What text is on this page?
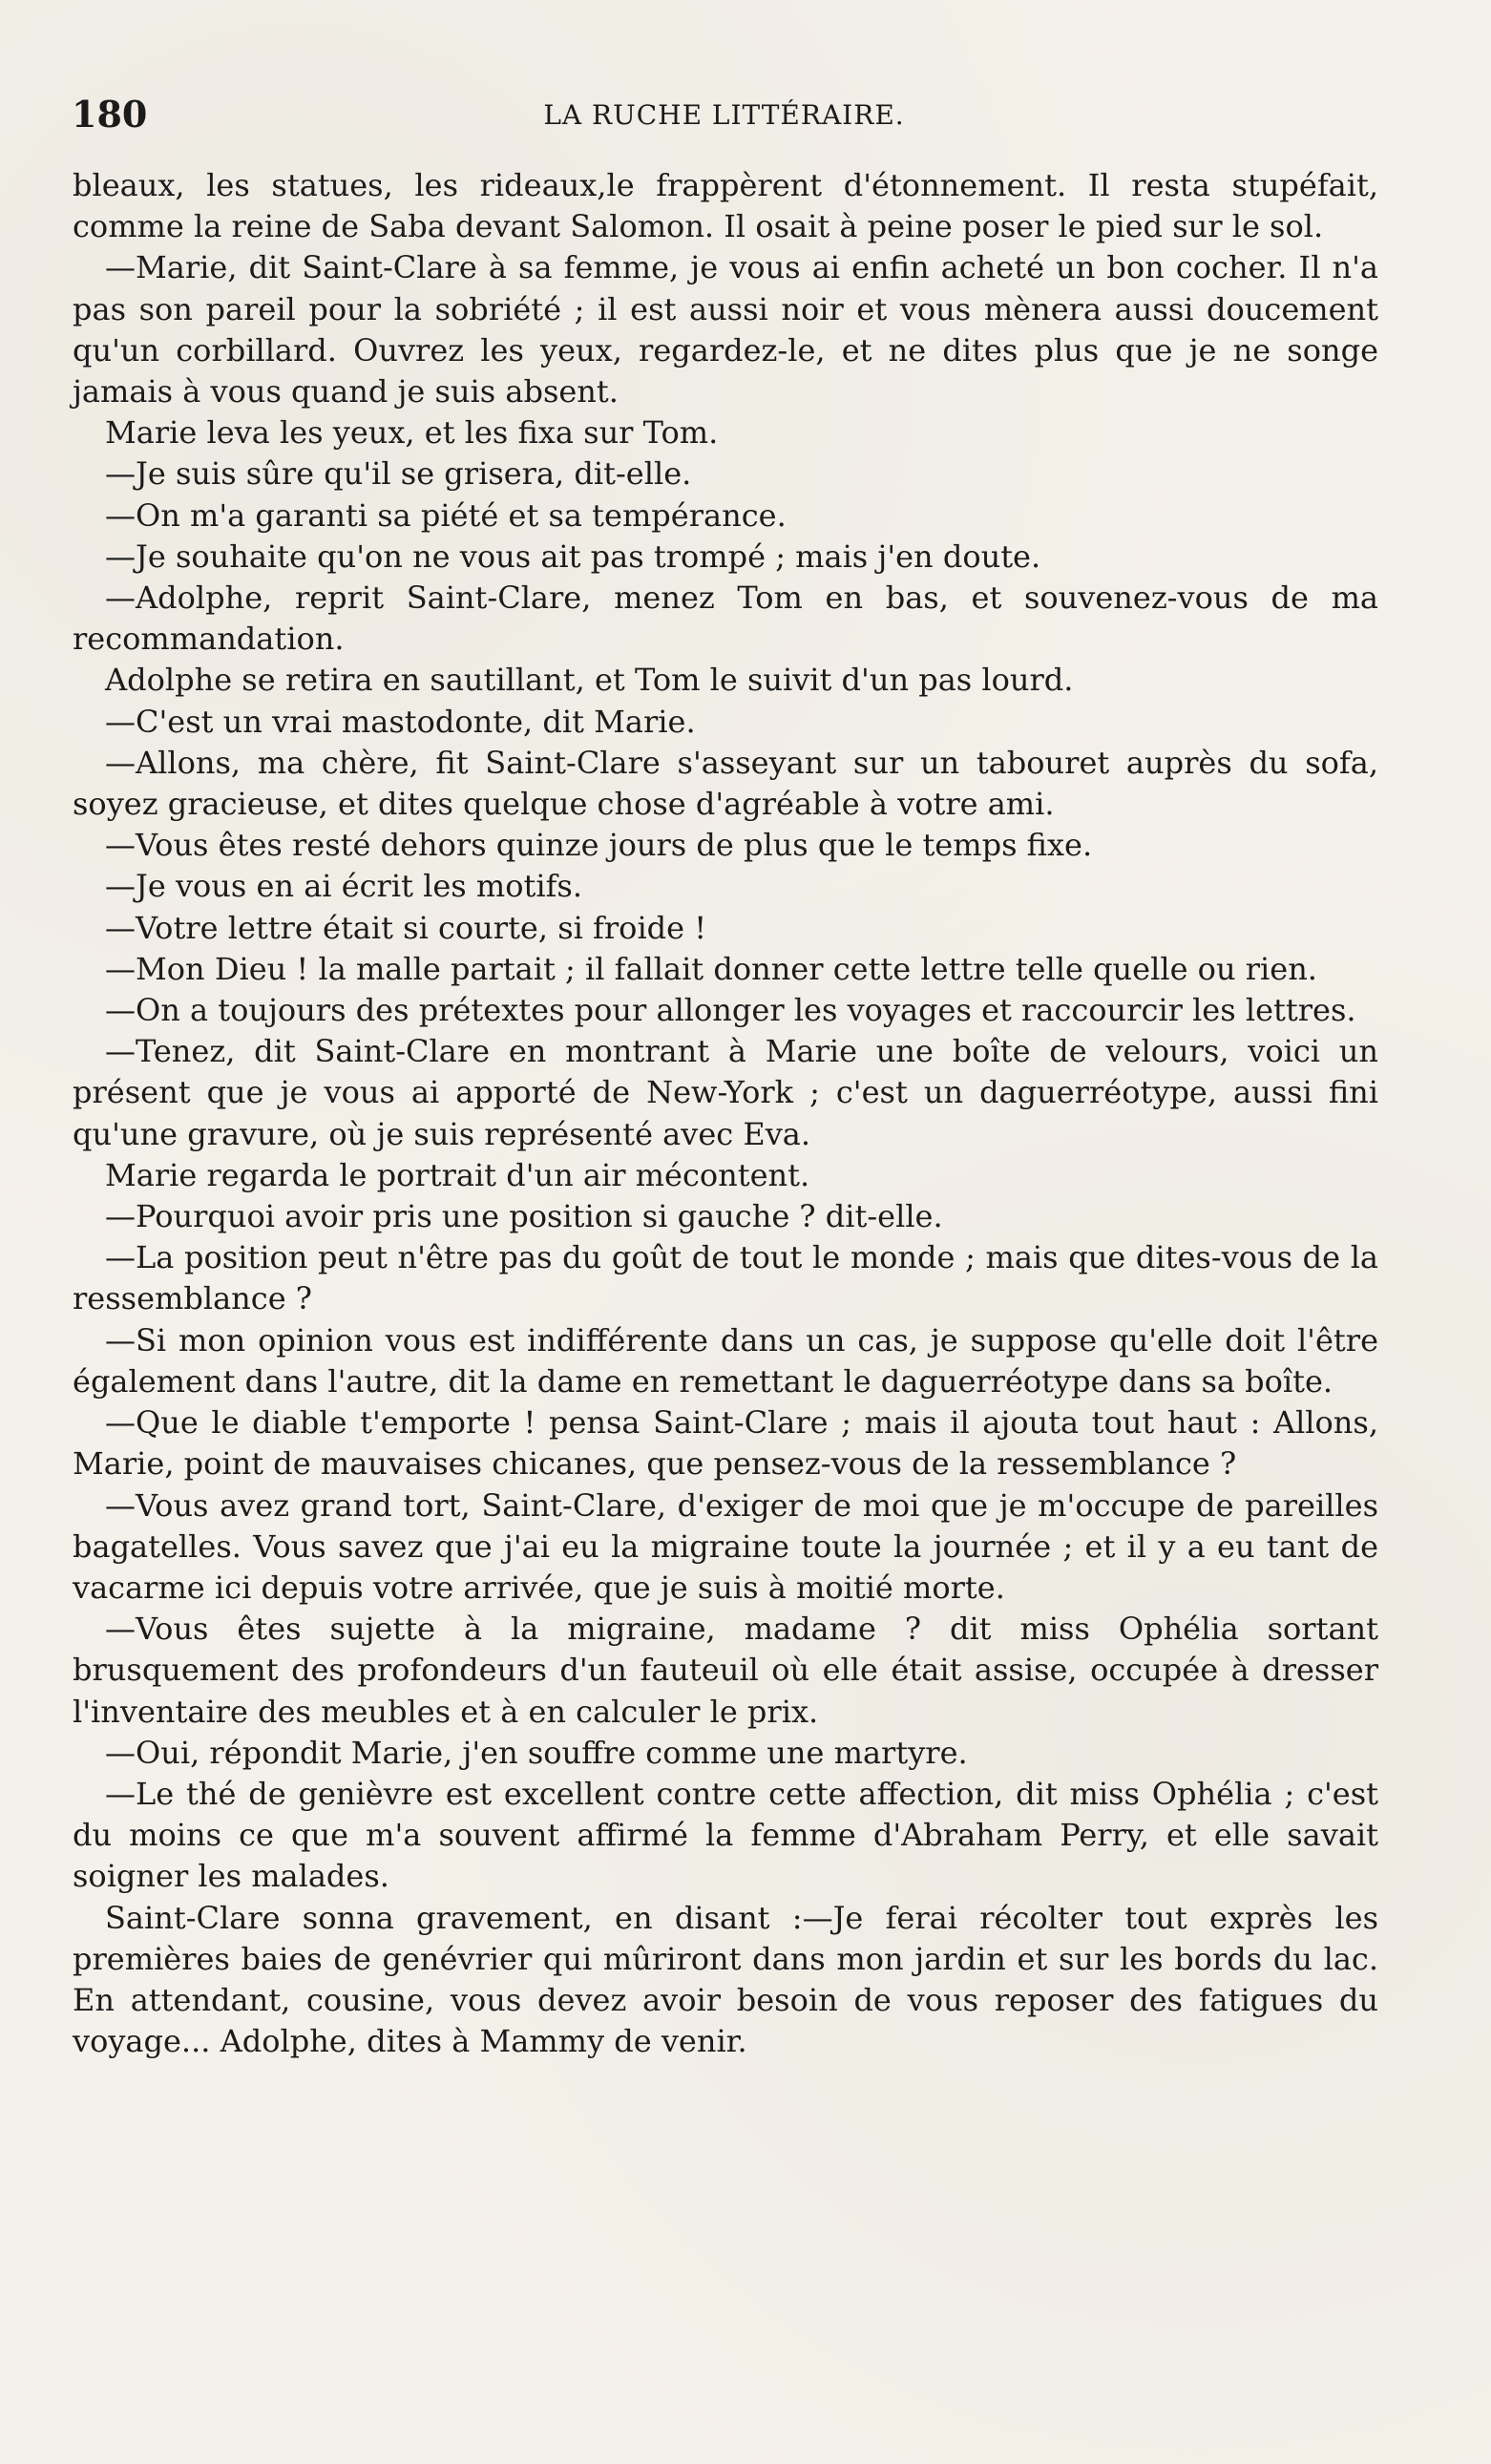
180	LA RUCHE LITTÉRAIRE.

bleaux, les statues, les rideaux,le frappèrent d'étonnement. Il resta stupéfait, comme la reine de Saba devant Salomon. Il osait à peine poser le pied sur le sol.

—Marie, dit Saint-Clare à sa femme, je vous ai enfin acheté un bon cocher. Il n'a pas son pareil pour la sobriété ; il est aussi noir et vous mènera aussi doucement qu'un corbillard. Ouvrez les yeux, regardez-le, et ne dites plus que je ne songe jamais à vous quand je suis absent.

Marie leva les yeux, et les fixa sur Tom.

—Je suis sûre qu'il se grisera, dit-elle.

—On m'a garanti sa piété et sa tempérance.

—Je souhaite qu'on ne vous ait pas trompé ; mais j'en doute.

—Adolphe, reprit Saint-Clare, menez Tom en bas, et souvenez-vous de ma recommandation.

Adolphe se retira en sautillant, et Tom le suivit d'un pas lourd.

—C'est un vrai mastodonte, dit Marie.

—Allons, ma chère, fit Saint-Clare s'asseyant sur un tabouret auprès du sofa, soyez gracieuse, et dites quelque chose d'agréable à votre ami.

—Vous êtes resté dehors quinze jours de plus que le temps fixe.

—Je vous en ai écrit les motifs.

—Votre lettre était si courte, si froide !

—Mon Dieu ! la malle partait ; il fallait donner cette lettre telle quelle ou rien.

—On a toujours des prétextes pour allonger les voyages et raccourcir les lettres.

—Tenez, dit Saint-Clare en montrant à Marie une boîte de velours, voici un présent que je vous ai apporté de New-York ; c'est un daguerréotype, aussi fini qu'une gravure, où je suis représenté avec Eva.

Marie regarda le portrait d'un air mécontent.

—Pourquoi avoir pris une position si gauche ? dit-elle.

—La position peut n'être pas du goût de tout le monde ; mais que dites-vous de la ressemblance ?

—Si mon opinion vous est indifférente dans un cas, je suppose qu'elle doit l'être également dans l'autre, dit la dame en remettant le daguerréotype dans sa boîte.

—Que le diable t'emporte ! pensa Saint-Clare ; mais il ajouta tout haut : Allons, Marie, point de mauvaises chicanes, que pensez-vous de la ressemblance ?

—Vous avez grand tort, Saint-Clare, d'exiger de moi que je m'occupe de pareilles bagatelles. Vous savez que j'ai eu la migraine toute la journée ; et il y a eu tant de vacarme ici depuis votre arrivée, que je suis à moitié morte.

—Vous êtes sujette à la migraine, madame ? dit miss Ophélia sortant brusquement des profondeurs d'un fauteuil où elle était assise, occupée à dresser l'inventaire des meubles et à en calculer le prix.

—Oui, répondit Marie, j'en souffre comme une martyre.

—Le thé de genièvre est excellent contre cette affection, dit miss Ophélia ; c'est du moins ce que m'a souvent affirmé la femme d'Abraham Perry, et elle savait soigner les malades.

Saint-Clare sonna gravement, en disant :—Je ferai récolter tout exprès les premières baies de genévrier qui mûriront dans mon jardin et sur les bords du lac. En attendant, cousine, vous devez avoir besoin de vous reposer des fatigues du voyage... Adolphe, dites à Mammy de venir.
